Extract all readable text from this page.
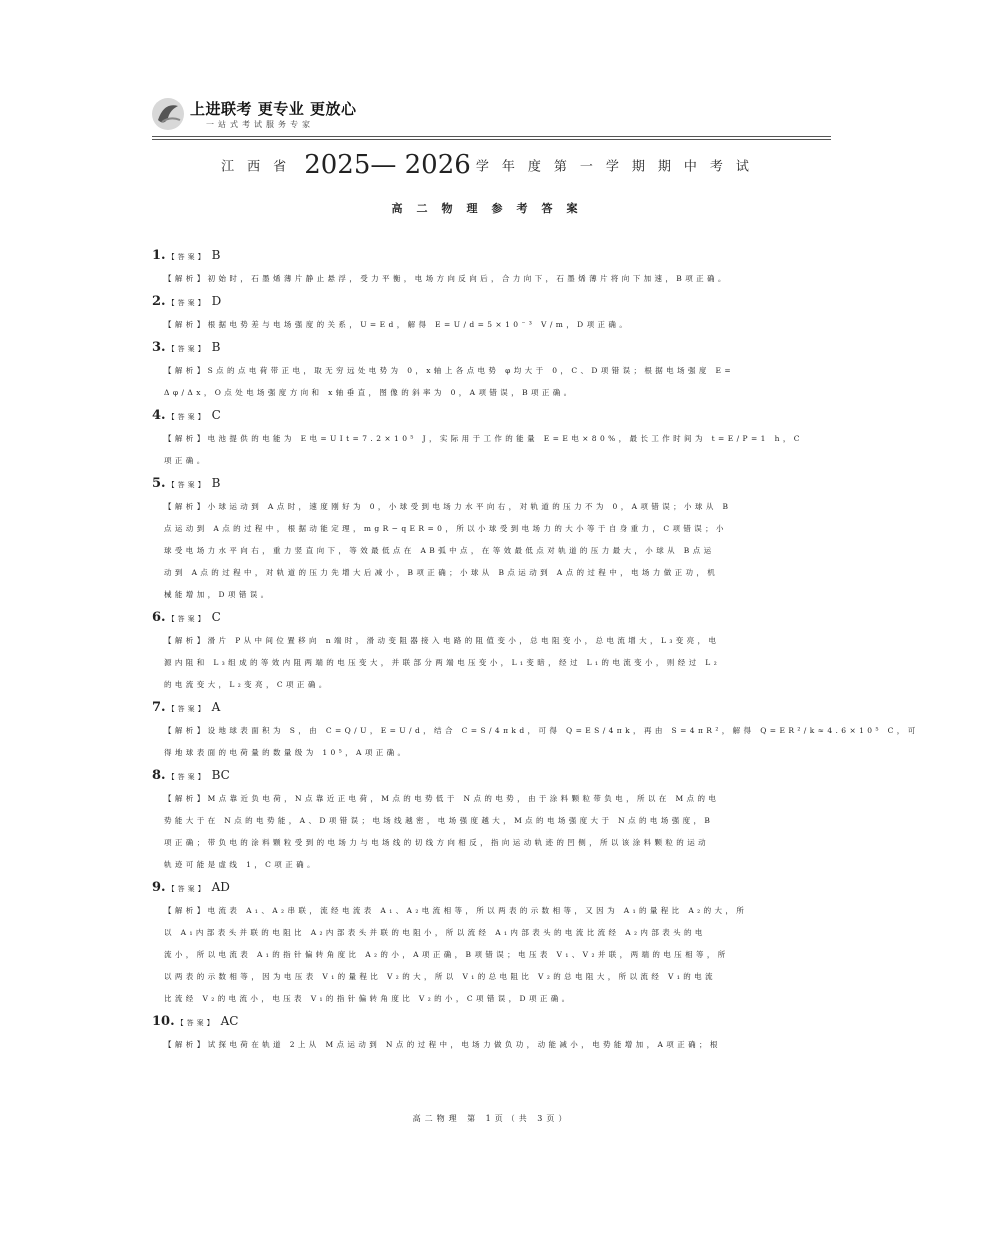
上进联考 更专业 更放心
一站式考试服务专家
江西省 2025— 2026 学年度第一学期期中考试
高二物理参考答案
1. 【答案】 B
【解析】初始时，石墨烯薄片静止悬浮，受力平衡，电场方向反向后，合力向下，石墨烯薄片将向下加速，B项正确。
2. 【答案】 D
【解析】根据电势差与电场强度的关系，U=Ed，解得 E=U/d=5×10⁻³ V/m，D项正确。
3. 【答案】 B
【解析】S点的点电荷带正电，取无穷远处电势为 0，x轴上各点电势 φ均大于 0，C、D项错误；根据电场强度 E=
Δφ/Δx，O点处电场强度方向和 x轴垂直，图像的斜率为 0，A项错误，B项正确。
4. 【答案】 C
【解析】电池提供的电能为 E电=UIt=7.2×10⁵ J，实际用于工作的能量 E=E电×80%，最长工作时间为 t=E/P=1 h，C
项正确。
5. 【答案】 B
【解析】小球运动到 A点时，速度刚好为 0，小球受到电场力水平向右，对轨道的压力不为 0，A项错误；小球从 B
点运动到 A点的过程中，根据动能定理，mgR−qER=0，所以小球受到电场力的大小等于自身重力，C项错误；小
球受电场力水平向右，重力竖直向下，等效最低点在 AB弧中点，在等效最低点对轨道的压力最大，小球从 B点运
动到 A点的过程中，对轨道的压力先增大后减小，B项正确；小球从 B点运动到 A点的过程中，电场力做正功，机
械能增加，D项错误。
6. 【答案】 C
【解析】滑片 P从中间位置移向 n端时，滑动变阻器接入电路的阻值变小，总电阻变小，总电流增大，L₃变亮，电
源内阻和 L₃组成的等效内阻两端的电压变大，并联部分两端电压变小，L₁变暗，经过 L₁的电流变小，则经过 L₂
的电流变大，L₂变亮，C项正确。
7. 【答案】 A
【解析】设地球表面积为 S，由 C=Q/U，E=U/d，结合 C=S/4πkd，可得 Q=ES/4πk，再由 S=4πR²，解得 Q=ER²/k≈4.6×10⁵ C，可
得地球表面的电荷量的数量级为 10⁵，A项正确。
8. 【答案】 BC
【解析】M点靠近负电荷，N点靠近正电荷，M点的电势低于 N点的电势，由于涂料颗粒带负电，所以在 M点的电
势能大于在 N点的电势能，A、D项错误；电场线越密，电场强度越大，M点的电场强度大于 N点的电场强度，B
项正确；带负电的涂料颗粒受到的电场力与电场线的切线方向相反，指向运动轨迹的凹侧，所以该涂料颗粒的运动
轨迹可能是虚线 1，C项正确。
9. 【答案】 AD
【解析】电流表 A₁、A₂串联，流经电流表 A₁、A₂电流相等，所以两表的示数相等，又因为 A₁的量程比 A₂的大，所
以 A₁内部表头并联的电阻比 A₂内部表头并联的电阻小，所以流经 A₁内部表头的电流比流经 A₂内部表头的电
流小，所以电流表 A₁的指针偏转角度比 A₂的小，A项正确，B项错误；电压表 V₁、V₂并联，两端的电压相等，所
以两表的示数相等，因为电压表 V₁的量程比 V₂的大，所以 V₁的总电阻比 V₂的总电阻大，所以流经 V₁的电流
比流经 V₂的电流小，电压表 V₁的指针偏转角度比 V₂的小，C项错误，D项正确。
10. 【答案】 AC
【解析】试探电荷在轨道 2上从 M点运动到 N点的过程中，电场力做负功，动能减小，电势能增加，A项正确；根
高二物理 第 1页（共 3页）
